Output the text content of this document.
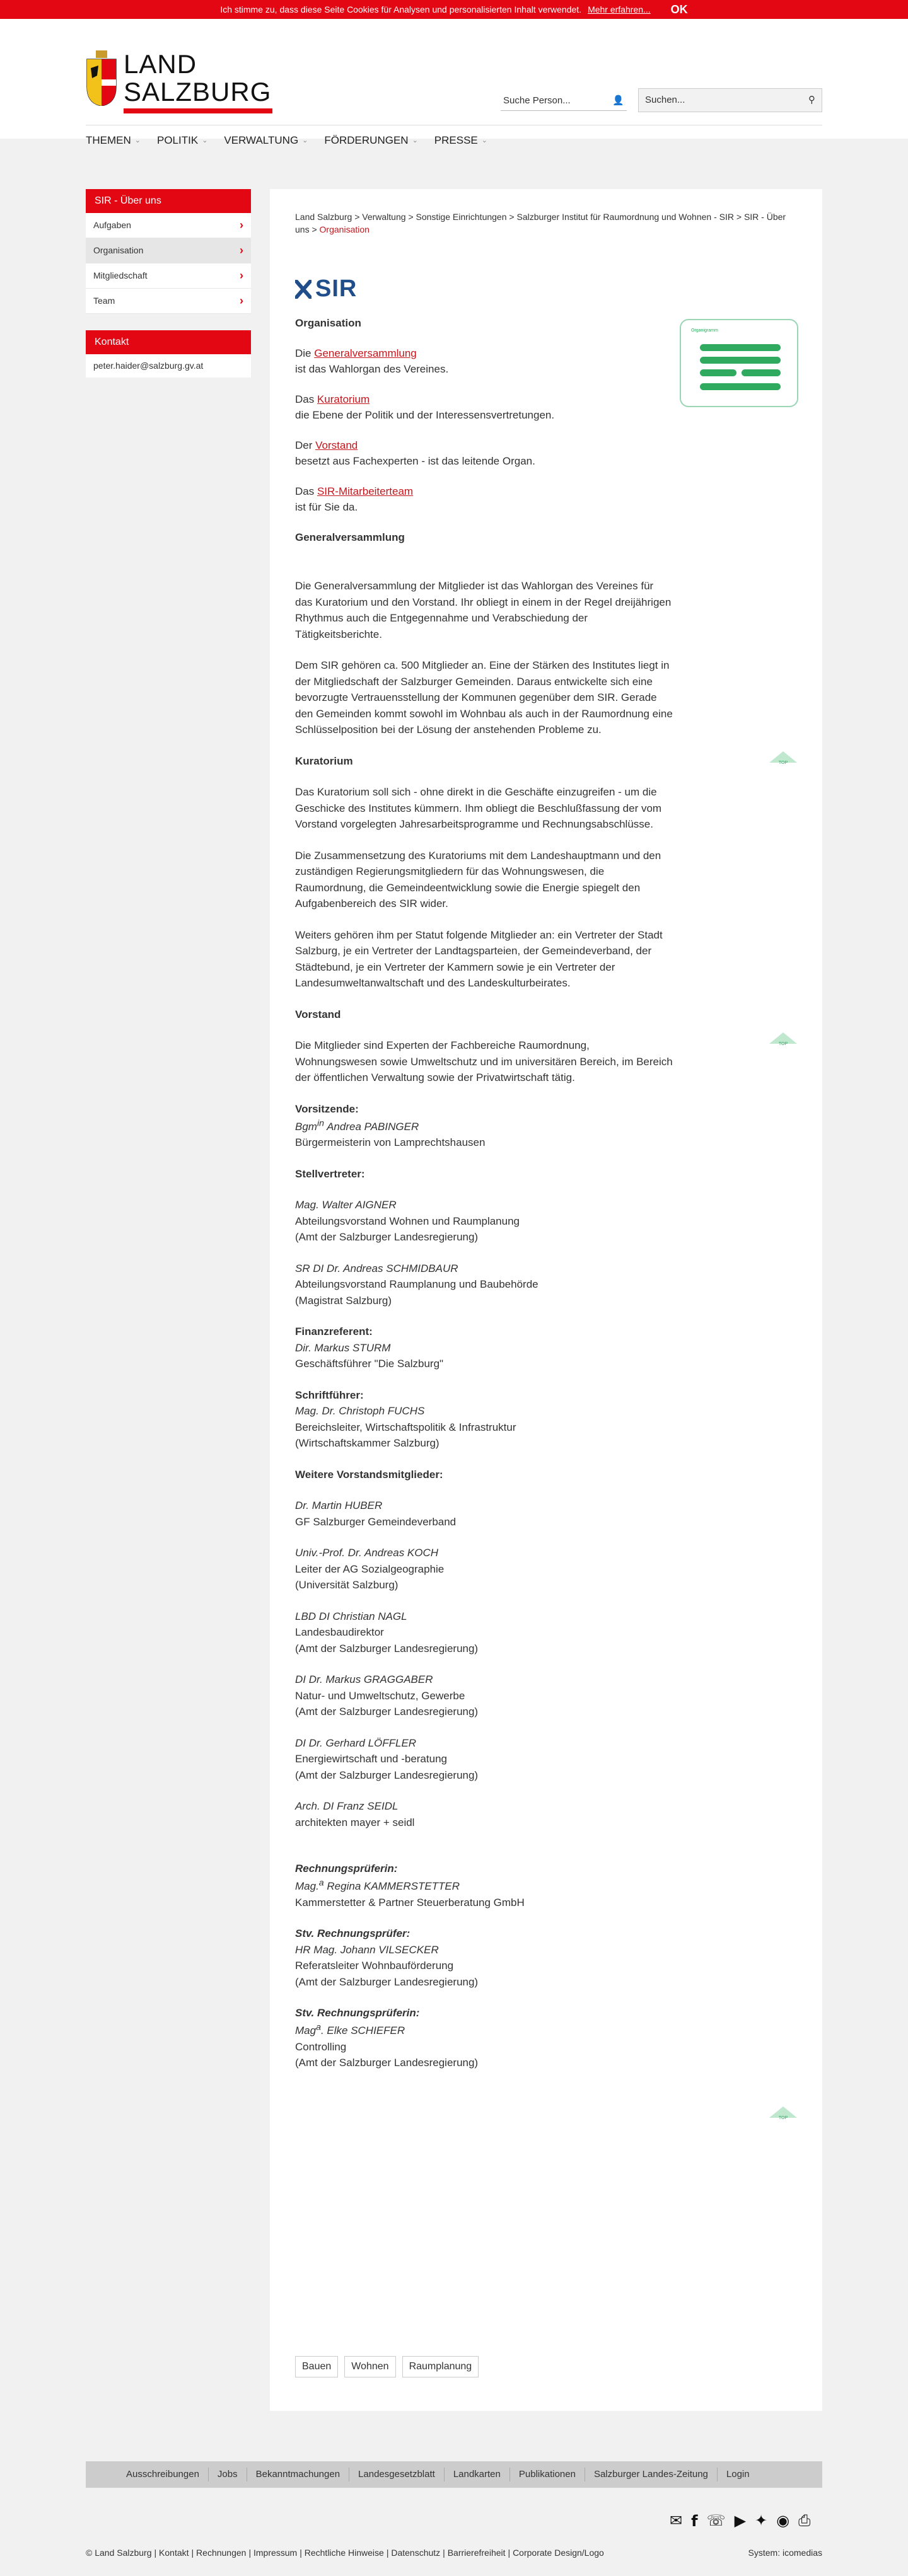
Ich stimme zu, dass diese Seite Cookies für Analysen und personalisierten Inhalt verwendet. Mehr erfahren... OK
LAND
SALZBURG	Suche Person...	👤 Suchen...	⚲
THEMEN ⌄ POLITIK ⌄ VERWALTUNG ⌄ FÖRDERUNGEN ⌄ PRESSE ⌄
SIR - Über uns
Aufgaben	›
Organisation	›
Mitgliedschaft	›
Team	›
Kontakt
peter.haider@salzburg.gv.at
Land Salzburg > Verwaltung > Sonstige Einrichtungen > Salzburger Institut für Raumordnung und Wohnen - SIR > SIR - Über uns > Organisation
SIR
Organigramm
Organisation

Die Generalversammlung
ist das Wahlorgan des Vereines.

Das Kuratorium
die Ebene der Politik und der Interessensvertretungen.

Der Vorstand
besetzt aus Fachexperten - ist das leitende Organ.

Das SIR-Mitarbeiterteam
ist für Sie da.

Generalversammlung

Die Generalversammlung der Mitglieder ist das Wahlorgan des Vereines für das Kuratorium und den Vorstand. Ihr obliegt in einem in der Regel dreijährigen Rhythmus auch die Entgegennahme und Verabschiedung der Tätigkeitsberichte.

Dem SIR gehören ca. 500 Mitglieder an. Eine der Stärken des Institutes liegt in der Mitgliedschaft der Salzburger Gemeinden. Daraus entwickelte sich eine bevorzugte Vertrauensstellung der Kommunen gegenüber dem SIR. Gerade den Gemeinden kommt sowohl im Wohnbau als auch in der Raumordnung eine Schlüsselposition bei der Lösung der anstehenden Probleme zu.

Kuratorium

Das Kuratorium soll sich - ohne direkt in die Geschäfte einzugreifen - um die Geschicke des Institutes kümmern. Ihm obliegt die Beschlußfassung der vom Vorstand vorgelegten Jahresarbeitsprogramme und Rechnungsabschlüsse.

Die Zusammensetzung des Kuratoriums mit dem Landeshauptmann und den zuständigen Regierungsmitgliedern für das Wohnungswesen, die Raumordnung, die Gemeindeentwicklung sowie die Energie spiegelt den Aufgabenbereich des SIR wider.

Weiters gehören ihm per Statut folgende Mitglieder an: ein Vertreter der Stadt Salzburg, je ein Vertreter der Landtagsparteien, der Gemeindeverband, der Städtebund, je ein Vertreter der Kammern sowie je ein Vertreter der Landesumweltanwaltschaft und des Landeskulturbeirates.

Vorstand

Die Mitglieder sind Experten der Fachbereiche Raumordnung, Wohnungswesen sowie Umweltschutz und im universitären Bereich, im Bereich der öffentlichen Verwaltung sowie der Privatwirtschaft tätig.

Vorsitzende:
Bgm$^{in}$ Andrea PABINGER
Bürgermeisterin von Lamprechtshausen

Stellvertreter:

Mag. Walter AIGNER
Abteilungsvorstand Wohnen und Raumplanung
(Amt der Salzburger Landesregierung)

SR DI Dr. Andreas SCHMIDBAUR
Abteilungsvorstand Raumplanung und Baubehörde
(Magistrat Salzburg)

Finanzreferent:
Dir. Markus STURM
Geschäftsführer "Die Salzburg"

Schriftführer:
Mag. Dr. Christoph FUCHS
Bereichsleiter, Wirtschaftspolitik & Infrastruktur
(Wirtschaftskammer Salzburg)

Weitere Vorstandsmitglieder:

Dr. Martin HUBER
GF Salzburger Gemeindeverband

Univ.-Prof. Dr. Andreas KOCH
Leiter der AG Sozialgeographie
(Universität Salzburg)

LBD DI Christian NAGL
Landesbaudirektor
(Amt der Salzburger Landesregierung)

DI Dr. Markus GRAGGABER
Natur- und Umweltschutz, Gewerbe
(Amt der Salzburger Landesregierung)

DI Dr. Gerhard LÖFFLER
Energiewirtschaft und -beratung
(Amt der Salzburger Landesregierung)

Arch. DI Franz SEIDL
architekten mayer + seidl

Rechnungsprüferin:
Mag.$^a$ Regina KAMMERSTETTER
Kammerstetter & Partner Steuerberatung GmbH

Stv. Rechnungsprüfer:
HR Mag. Johann VILSECKER
Referatsleiter Wohnbauförderung
(Amt der Salzburger Landesregierung)

Stv. Rechnungsprüferin:
Mag$^a$. Elke SCHIEFER
Controlling
(Amt der Salzburger Landesregierung)

TOP
TOP
TOP
Bauen	Wohnen	Raumplanung
Ausschreibungen	Jobs	Bekanntmachungen	Landesgesetzblatt	Landkarten	Publikationen	Salzburger Landes-Zeitung	Login
✉ f ☏ ▶ ✦ ◉ ⎙
© Land Salzburg | Kontakt | Rechnungen | Impressum | Rechtliche Hinweise | Datenschutz | Barrierefreiheit | Corporate Design/Logo	System: icomedias
